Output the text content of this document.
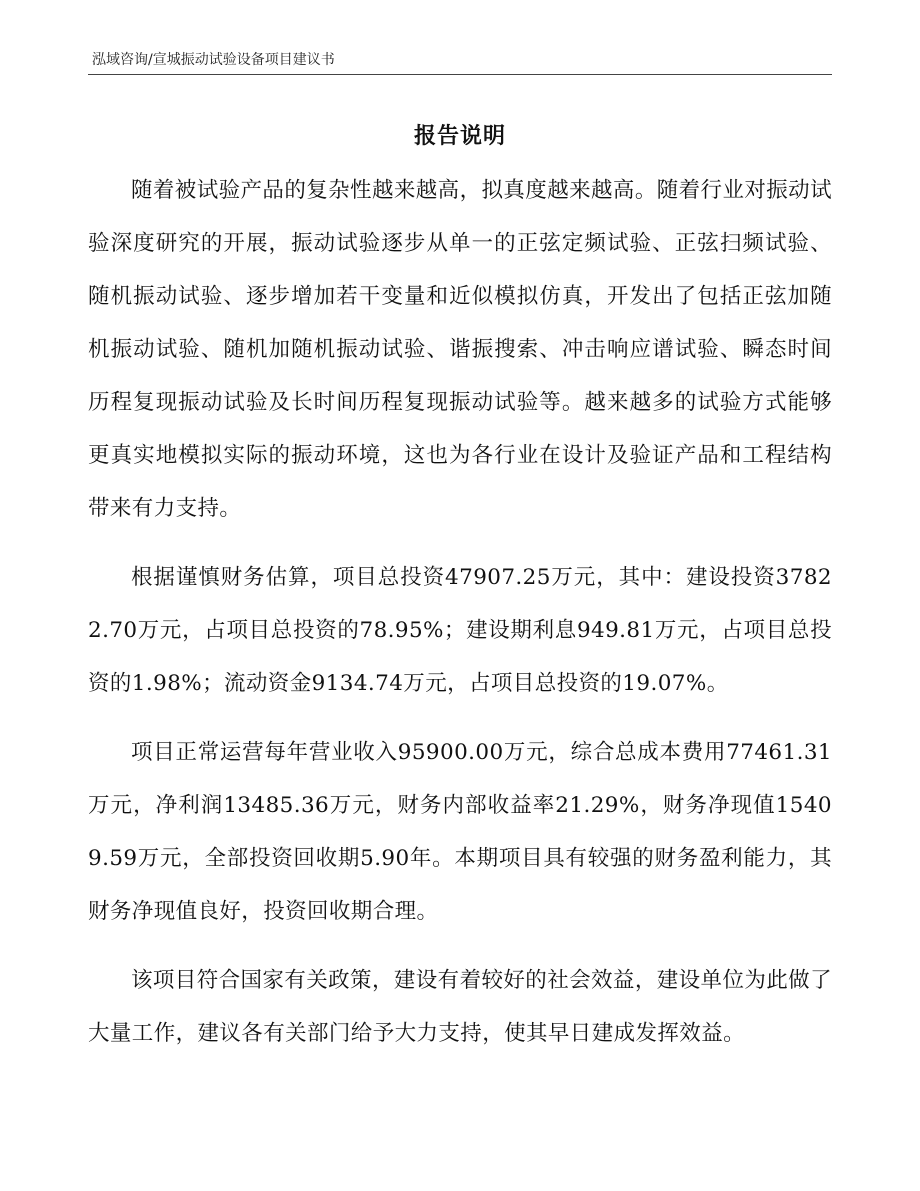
泓域咨询/宣城振动试验设备项目建议书
报告说明

随着被试验产品的复杂性越来越高，拟真度越来越高。随着行业对振动试验深度研究的开展，振动试验逐步从单一的正弦定频试验、正弦扫频试验、随机振动试验、逐步增加若干变量和近似模拟仿真，开发出了包括正弦加随机振动试验、随机加随机振动试验、谐振搜索、冲击响应谱试验、瞬态时间历程复现振动试验及长时间历程复现振动试验等。越来越多的试验方式能够更真实地模拟实际的振动环境，这也为各行业在设计及验证产品和工程结构带来有力支持。

根据谨慎财务估算，项目总投资47907.25万元，其中：建设投资37822.70万元，占项目总投资的78.95%；建设期利息949.81万元，占项目总投资的1.98%；流动资金9134.74万元，占项目总投资的19.07%。

项目正常运营每年营业收入95900.00万元，综合总成本费用77461.31万元，净利润13485.36万元，财务内部收益率21.29%，财务净现值15409.59万元，全部投资回收期5.90年。本期项目具有较强的财务盈利能力，其财务净现值良好，投资回收期合理。

该项目符合国家有关政策，建设有着较好的社会效益，建设单位为此做了大量工作，建议各有关部门给予大力支持，使其早日建成发挥效益。
